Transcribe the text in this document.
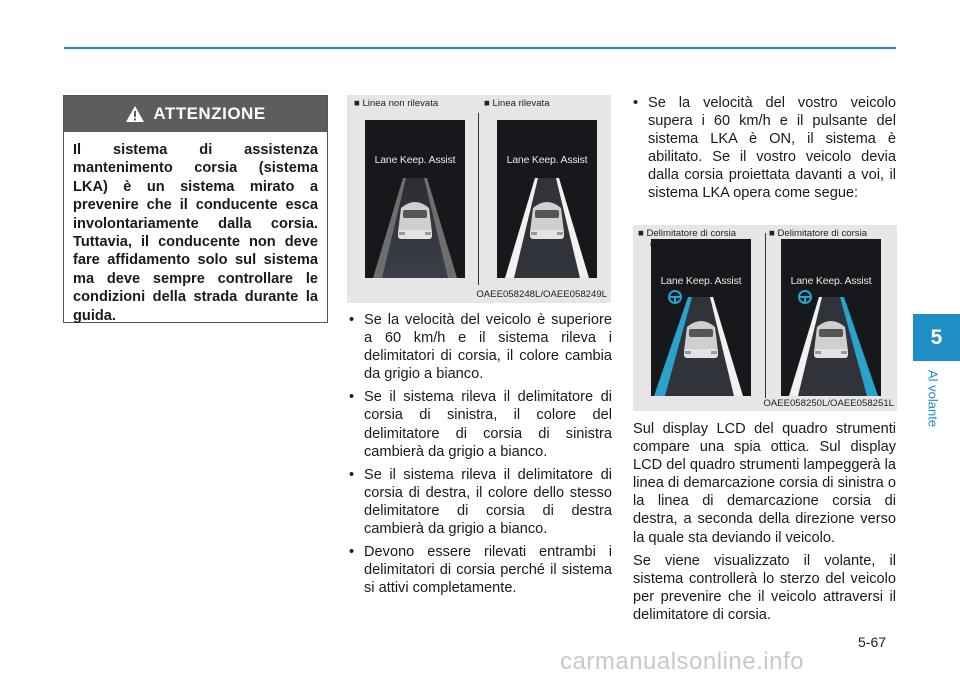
ATTENZIONE

Il sistema di assistenza mantenimento corsia (sistema LKA) è un sistema mirato a prevenire che il conducente esca involontariamente dalla corsia. Tuttavia, il conducente non deve fare affidamento solo sul sistema ma deve sempre controllare le condizioni della strada durante la guida.

■ Linea non rilevata	■ Linea rilevata
Lane Keep. Assist	Lane Keep. Assist
OAEE058248L/OAEE058249L
• Se la velocità del veicolo è superiore a 60 km/h e il sistema rileva i delimitatori di corsia, il colore cambia da grigio a bianco.
• Se il sistema rileva il delimitatore di corsia di sinistra, il colore del delimitatore di corsia di sinistra cambierà da grigio a bianco.
• Se il sistema rileva il delimitatore di corsia di destra, il colore dello stesso delimitatore di corsia di destra cambierà da grigio a bianco.
• Devono essere rilevati entrambi i delimitatori di corsia perché il sistema si attivi completamente.
• Se la velocità del vostro veicolo supera i 60 km/h e il pulsante del sistema LKA è ON, il sistema è abilitato. Se il vostro veicolo devia dalla corsia proiettata davanti a voi, il sistema LKA opera come segue:
■ Delimitatore di corsia	■ Delimitatore di corsia

Lane Keep. Assist	Lane Keep. Assist
OAEE058250L/OAEE058251L

Sul display LCD del quadro strumenti compare una spia ottica. Sul display LCD del quadro strumenti lampeggerà la linea di demarcazione corsia di sinistra o la linea di demarcazione corsia di destra, a seconda della direzione verso la quale sta deviando il veicolo.

Se viene visualizzato il volante, il sistema controllerà lo sterzo del veicolo per prevenire che il veicolo attraversi il delimitatore di corsia.

5
Al volante
5-67
carmanualsonline.info
